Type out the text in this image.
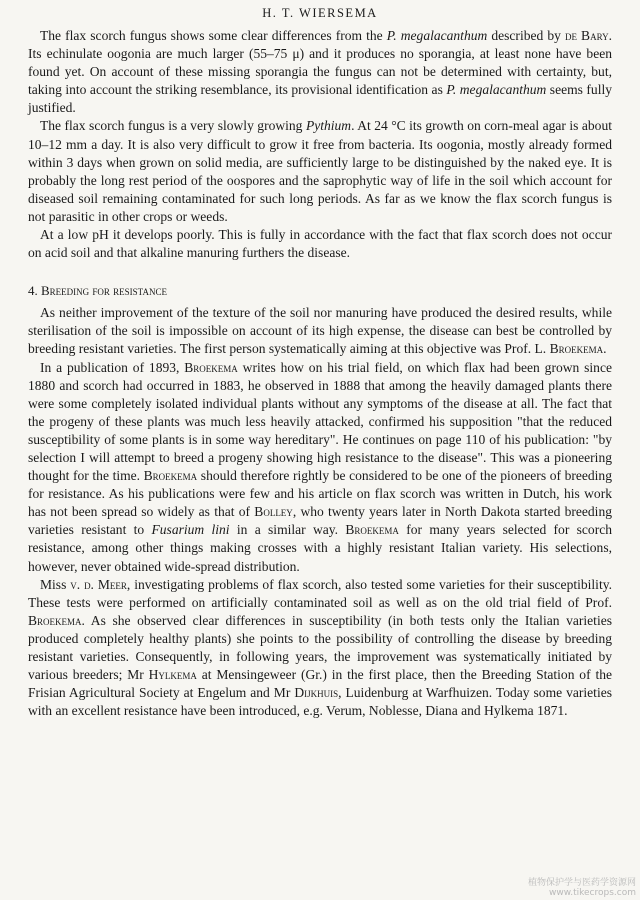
H. T. WIERSEMA

The flax scorch fungus shows some clear differences from the P. megalacanthum described by de Bary. Its echinulate oogonia are much larger (55–75 μ) and it produces no sporangia, at least none have been found yet. On account of these missing sporangia the fungus can not be determined with certainty, but, taking into account the striking resemblance, its provisional identification as P. megalacanthum seems fully justified.

The flax scorch fungus is a very slowly growing Pythium. At 24 °C its growth on corn-meal agar is about 10–12 mm a day. It is also very difficult to grow it free from bacteria. Its oogonia, mostly already formed within 3 days when grown on solid media, are sufficiently large to be distinguished by the naked eye. It is probably the long rest period of the oospores and the saprophytic way of life in the soil which account for diseased soil remaining contaminated for such long periods. As far as we know the flax scorch fungus is not parasitic in other crops or weeds.

At a low pH it develops poorly. This is fully in accordance with the fact that flax scorch does not occur on acid soil and that alkaline manuring furthers the disease.

4. Breeding for resistance

As neither improvement of the texture of the soil nor manuring have produced the desired results, while sterilisation of the soil is impossible on account of its high expense, the disease can best be controlled by breeding resistant varieties. The first person systematically aiming at this objective was Prof. L. Broekema.

In a publication of 1893, Broekema writes how on his trial field, on which flax had been grown since 1880 and scorch had occurred in 1883, he observed in 1888 that among the heavily damaged plants there were some completely isolated individual plants without any symptoms of the disease at all. The fact that the progeny of these plants was much less heavily attacked, confirmed his supposition "that the reduced susceptibility of some plants is in some way hereditary". He continues on page 110 of his publication: "by selection I will attempt to breed a progeny showing high resistance to the disease". This was a pioneering thought for the time. Broekema should therefore rightly be considered to be one of the pioneers of breeding for resistance. As his publications were few and his article on flax scorch was written in Dutch, his work has not been spread so widely as that of Bolley, who twenty years later in North Dakota started breeding varieties resistant to Fusarium lini in a similar way. Broekema for many years selected for scorch resistance, among other things making crosses with a highly resistant Italian variety. His selections, however, never obtained wide-spread distribution.

Miss v. d. Meer, investigating problems of flax scorch, also tested some varieties for their susceptibility. These tests were performed on artificially contaminated soil as well as on the old trial field of Prof. Broekema. As she observed clear differences in susceptibility (in both tests only the Italian varieties produced completely healthy plants) she points to the possibility of controlling the disease by breeding resistant varieties. Consequently, in following years, the improvement was systematically initiated by various breeders; Mr Hylkema at Mensingeweer (Gr.) in the first place, then the Breeding Station of the Frisian Agricultural Society at Engelum and Mr Dijkhuis, Luidenburg at Warfhuizen. Today some varieties with an excellent resistance have been introduced, e.g. Verum, Noblesse, Diana and Hylkema 1871.

植物保护学与医药学资源网
www.tikecrops.com
